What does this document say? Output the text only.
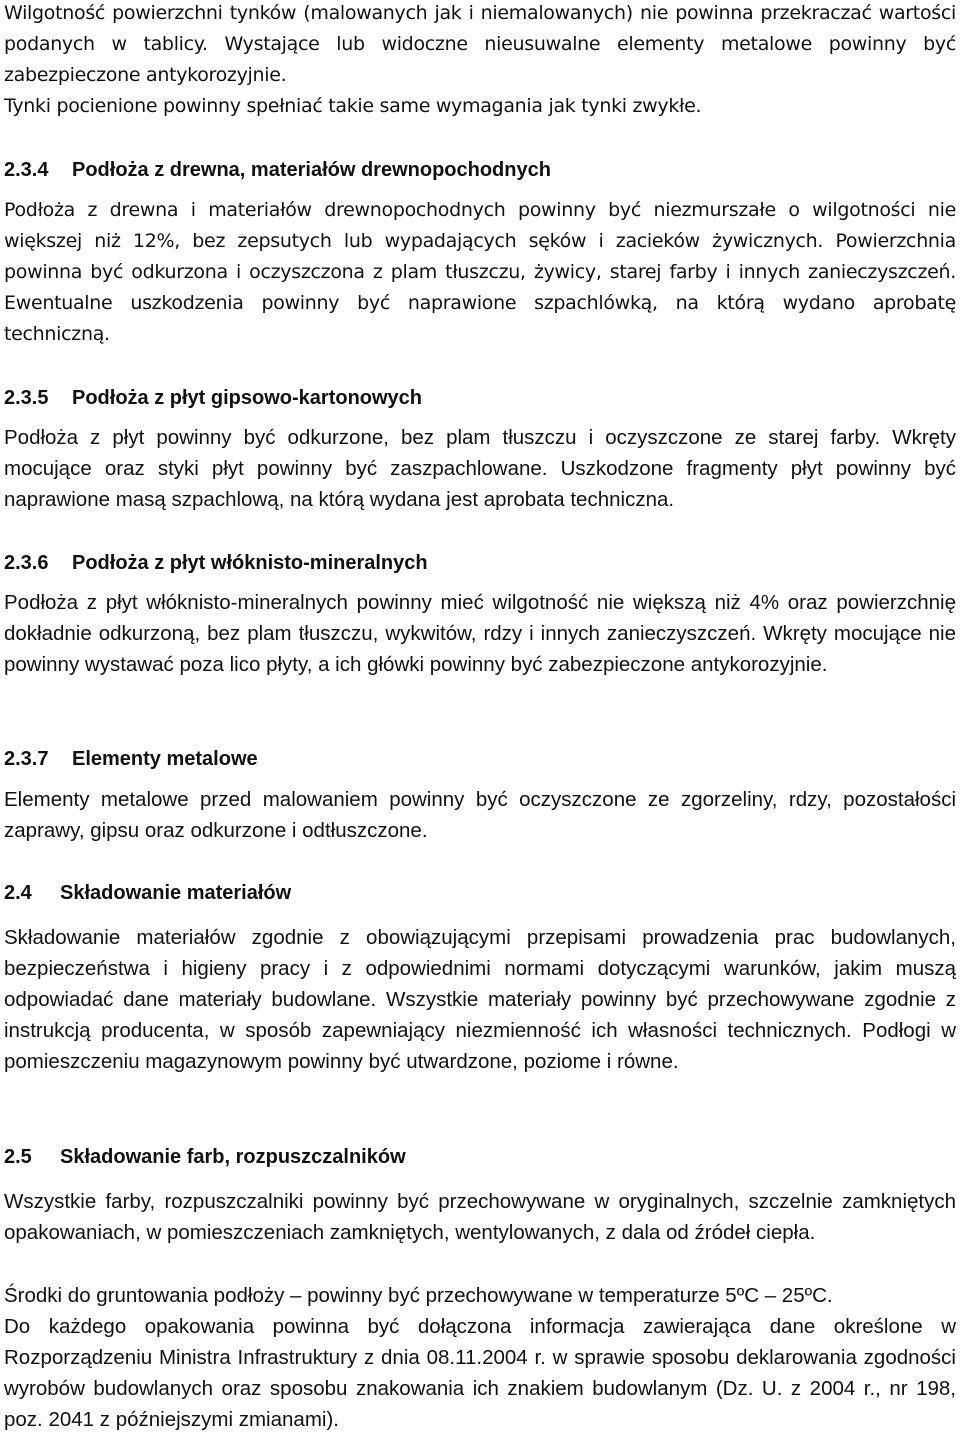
Wilgotność powierzchni tynków (malowanych jak i niemalowanych) nie powinna przekraczać wartości podanych w tablicy. Wystające lub widoczne nieusuwalne elementy metalowe powinny być zabezpieczone antykorozyjnie.

Tynki pocienione powinny spełniać takie same wymagania jak tynki zwykłe.

2.3.4 Podłoża z drewna, materiałów drewnopochodnych

Podłoża z drewna i materiałów drewnopochodnych powinny być niezmurszałe o wilgotności nie większej niż 12%, bez zepsutych lub wypadających sęków i zacieków żywicznych. Powierzchnia powinna być odkurzona i oczyszczona z plam tłuszczu, żywicy, starej farby i innych zanieczyszczeń. Ewentualne uszkodzenia powinny być naprawione szpachlówką, na którą wydano aprobatę techniczną.

2.3.5 Podłoża z płyt gipsowo-kartonowych

Podłoża z płyt powinny być odkurzone, bez plam tłuszczu i oczyszczone ze starej farby. Wkręty mocujące oraz styki płyt powinny być zaszpachlowane. Uszkodzone fragmenty płyt powinny być naprawione masą szpachlową, na którą wydana jest aprobata techniczna.

2.3.6 Podłoża z płyt włóknisto-mineralnych

Podłoża z płyt włóknisto-mineralnych powinny mieć wilgotność nie większą niż 4% oraz powierzchnię dokładnie odkurzoną, bez plam tłuszczu, wykwitów, rdzy i innych zanieczyszczeń. Wkręty mocujące nie powinny wystawać poza lico płyty, a ich główki powinny być zabezpieczone antykorozyjnie.

2.3.7 Elementy metalowe

Elementy metalowe przed malowaniem powinny być oczyszczone ze zgorzeliny, rdzy, pozostałości zaprawy, gipsu oraz odkurzone i odtłuszczone.

2.4 Składowanie materiałów

Składowanie materiałów zgodnie z obowiązującymi przepisami prowadzenia prac budowlanych, bezpieczeństwa i higieny pracy i z odpowiednimi normami dotyczącymi warunków, jakim muszą odpowiadać dane materiały budowlane. Wszystkie materiały powinny być przechowywane zgodnie z instrukcją producenta, w sposób zapewniający niezmienność ich własności technicznych. Podłogi w pomieszczeniu magazynowym powinny być utwardzone, poziome i równe.

2.5 Składowanie farb, rozpuszczalników

Wszystkie farby, rozpuszczalniki powinny być przechowywane w oryginalnych, szczelnie zamkniętych opakowaniach, w pomieszczeniach zamkniętych, wentylowanych, z dala od źródeł ciepła.

Środki do gruntowania podłoży – powinny być przechowywane w temperaturze 5ºC – 25ºC.

Do każdego opakowania powinna być dołączona informacja zawierająca dane określone w Rozporządzeniu Ministra Infrastruktury z dnia 08.11.2004 r. w sprawie sposobu deklarowania zgodności wyrobów budowlanych oraz sposobu znakowania ich znakiem budowlanym (Dz. U. z 2004 r., nr 198, poz. 2041 z późniejszymi zmianami).
